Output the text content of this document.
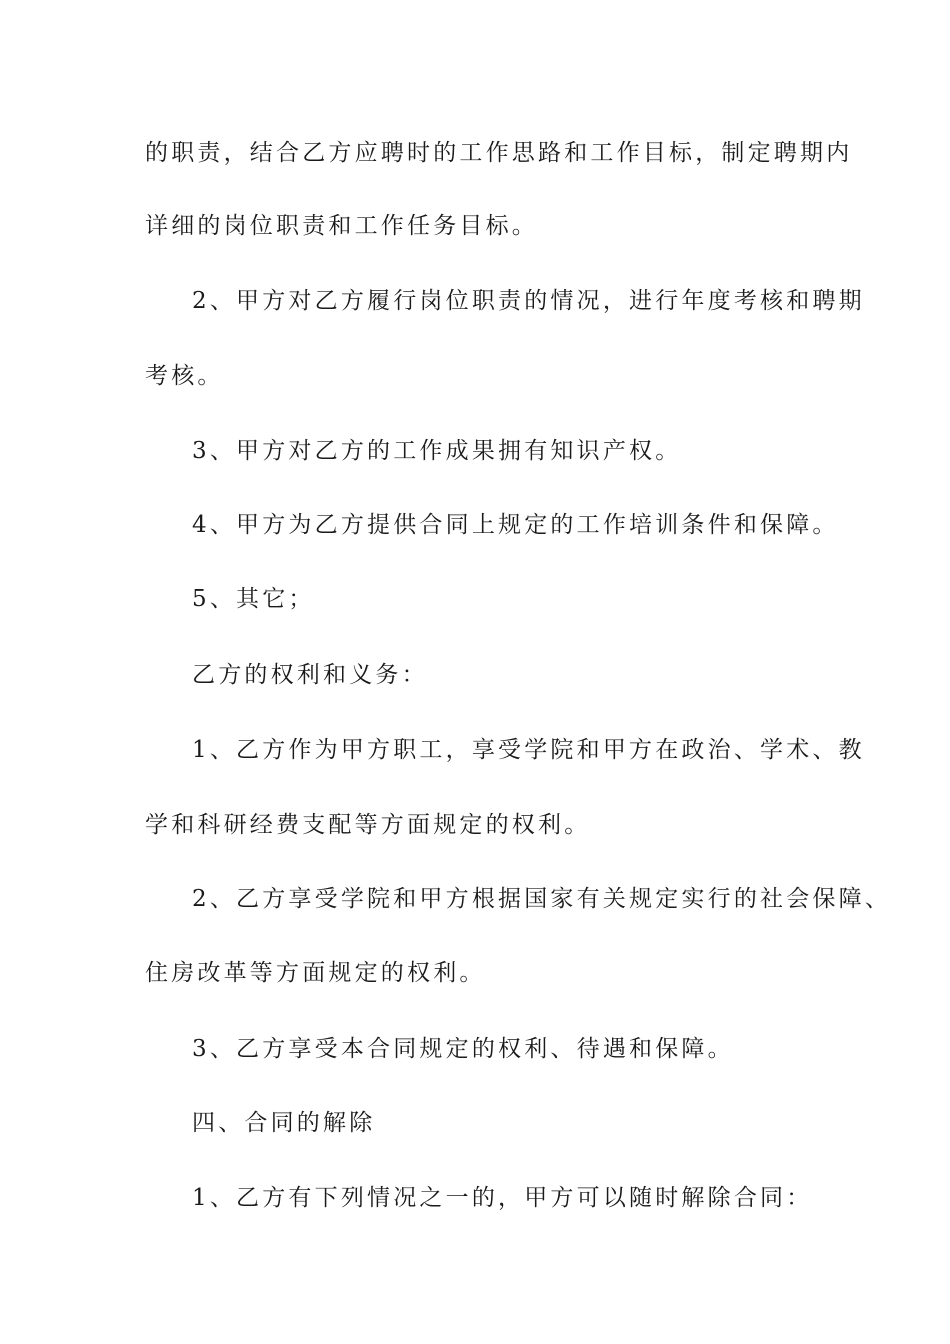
的职责，结合乙方应聘时的工作思路和工作目标，制定聘期内
详细的岗位职责和工作任务目标。
2、甲方对乙方履行岗位职责的情况，进行年度考核和聘期
考核。
3、甲方对乙方的工作成果拥有知识产权。
4、甲方为乙方提供合同上规定的工作培训条件和保障。
5、其它；
乙方的权利和义务：
1、乙方作为甲方职工，享受学院和甲方在政治、学术、教
学和科研经费支配等方面规定的权利。
2、乙方享受学院和甲方根据国家有关规定实行的社会保障、
住房改革等方面规定的权利。
3、乙方享受本合同规定的权利、待遇和保障。
四、合同的解除
1、乙方有下列情况之一的，甲方可以随时解除合同：
